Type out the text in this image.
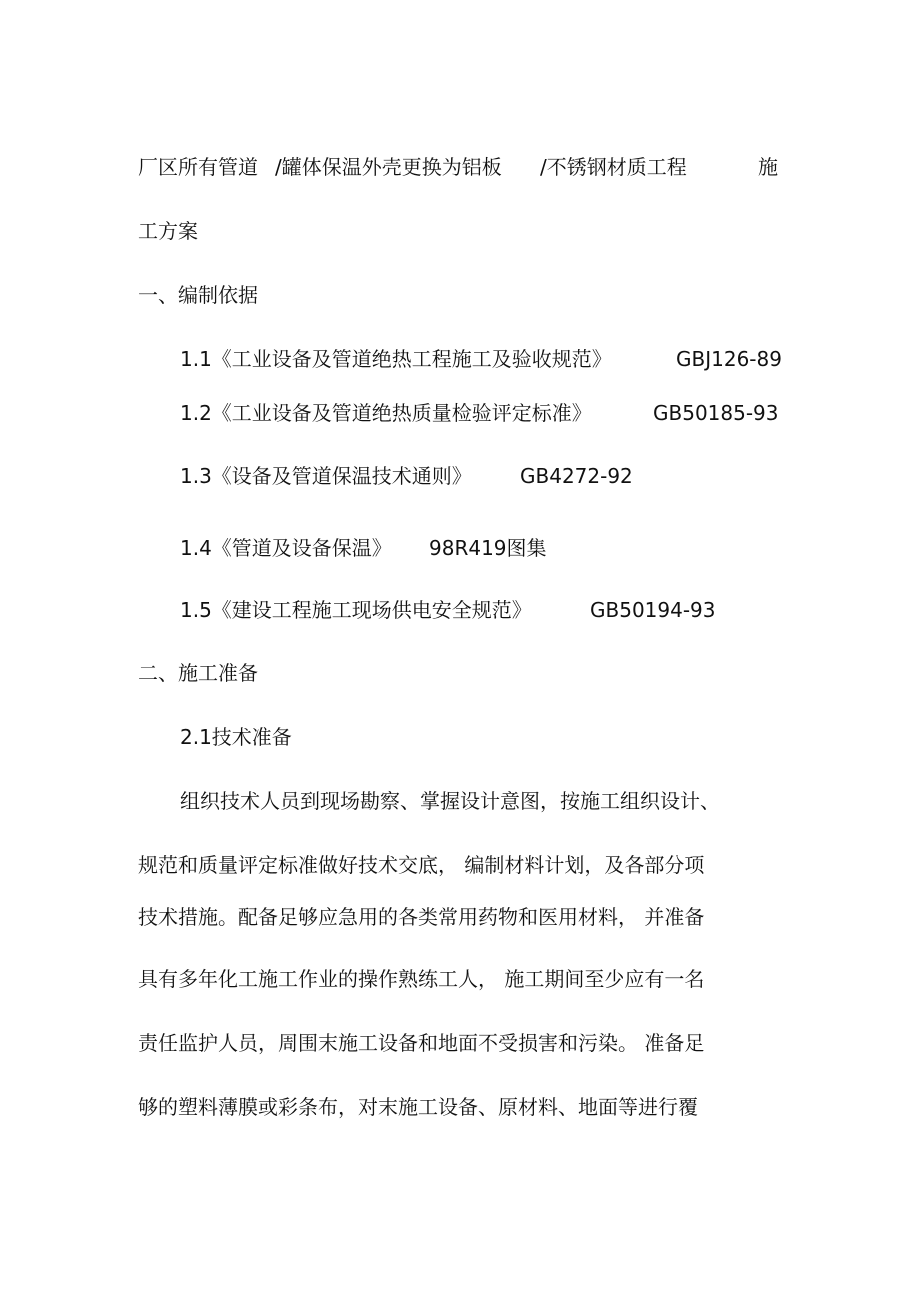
厂区所有管道 /罐体保温外壳更换为铝板 /不锈钢材质工程	施
工方案
一、编制依据
1.1《工业设备及管道绝热工程施工及验收规范》	GBJ126-89
1.2《工业设备及管道绝热质量检验评定标准》	GB50185-93
1.3《设备及管道保温技术通则》 GB4272-92
1.4《管道及设备保温》 98R419图集
1.5《建设工程施工现场供电安全规范》	GB50194-93
二、施工准备
2.1技术准备
组织技术人员到现场勘察、掌握设计意图，按施工组织设计、
规范和质量评定标准做好技术交底， 编制材料计划，及各部分项
技术措施。配备足够应急用的各类常用药物和医用材料， 并准备
具有多年化工施工作业的操作熟练工人， 施工期间至少应有一名
责任监护人员，周围末施工设备和地面不受损害和污染。 准备足
够的塑料薄膜或彩条布，对末施工设备、原材料、地面等进行覆
